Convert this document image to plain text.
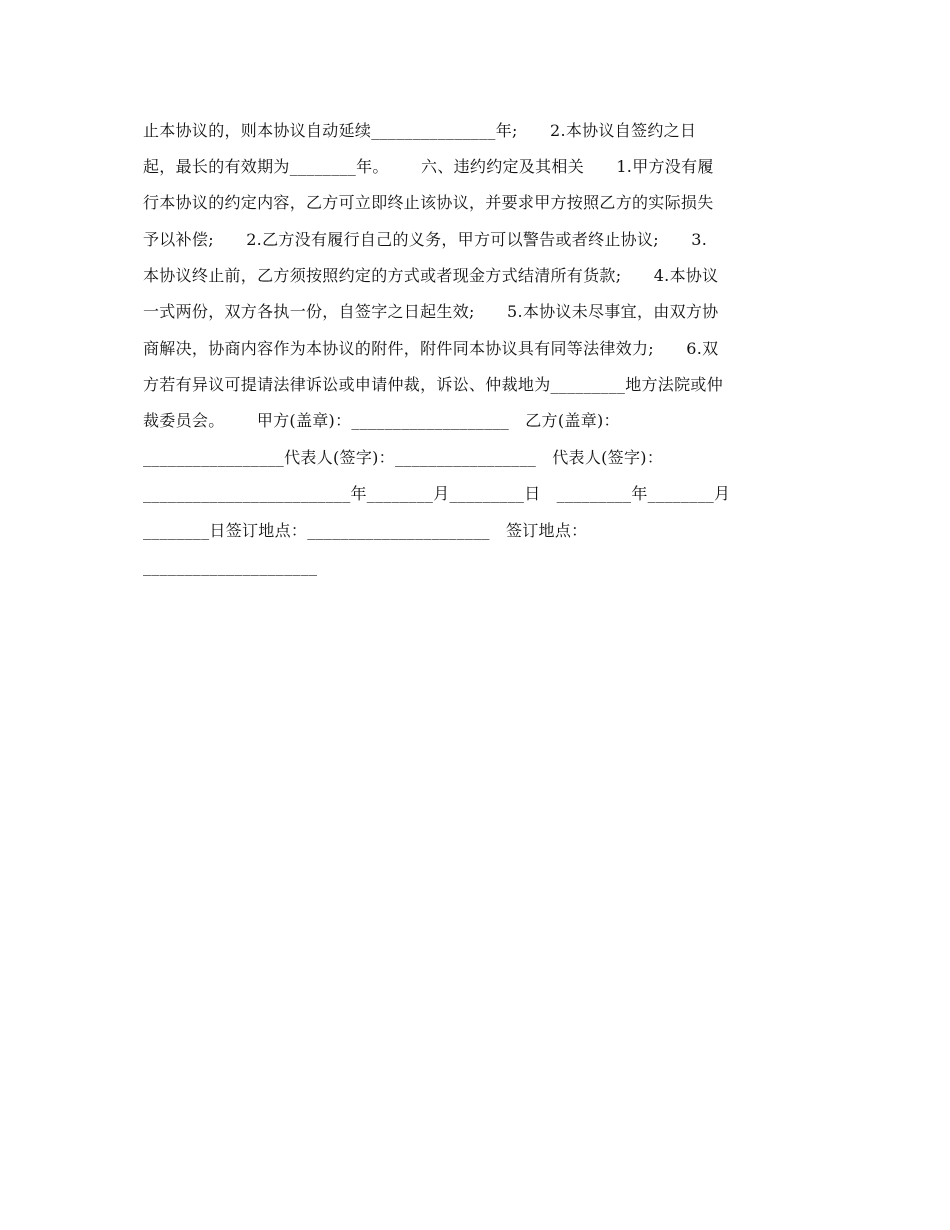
止本协议的，则本协议自动延续_______________年;      2.本协议自签约之日
起，最长的有效期为________年。      六、违约约定及其相关      1.甲方没有履
行本协议的约定内容，乙方可立即终止该协议，并要求甲方按照乙方的实际损失
予以补偿;      2.乙方没有履行自己的义务，甲方可以警告或者终止协议;      3.
本协议终止前，乙方须按照约定的方式或者现金方式结清所有货款;      4.本协议
一式两份，双方各执一份，自签字之日起生效;      5.本协议未尽事宜，由双方协
商解决，协商内容作为本协议的附件，附件同本协议具有同等法律效力;      6.双
方若有异议可提请法律诉讼或申请仲裁，诉讼、仲裁地为_________地方法院或仲
裁委员会。      甲方(盖章)：___________________   乙方(盖章)：
_________________代表人(签字)：_________________   代表人(签字)：
_________________________年________月_________日   _________年________月
________日签订地点：______________________   签订地点：
_____________________
